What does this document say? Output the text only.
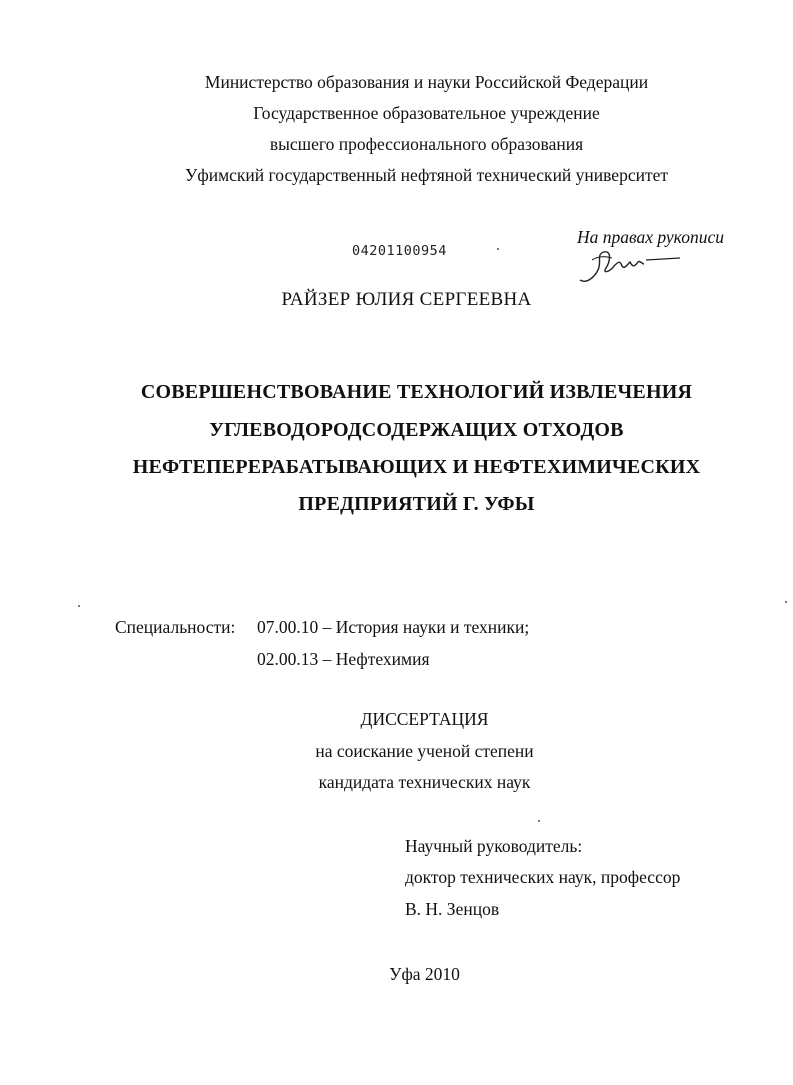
Министерство образования и науки Российской Федерации
Государственное образовательное учреждение
высшего профессионального образования
Уфимский государственный нефтяной технический университет
04201100954
На правах рукописи
РАЙЗЕР ЮЛИЯ СЕРГЕЕВНА
СОВЕРШЕНСТВОВАНИЕ ТЕХНОЛОГИЙ ИЗВЛЕЧЕНИЯ
УГЛЕВОДОРОДСОДЕРЖАЩИХ ОТХОДОВ
НЕФТЕПЕРЕРАБАТЫВАЮЩИХ И НЕФТЕХИМИЧЕСКИХ
ПРЕДПРИЯТИЙ Г. УФЫ
Специальности: 07.00.10 – История науки и техники;
02.00.13 – Нефтехимия
ДИССЕРТАЦИЯ
на соискание ученой степени
кандидата технических наук
Научный руководитель:
доктор технических наук, профессор
В. Н. Зенцов
Уфа 2010
